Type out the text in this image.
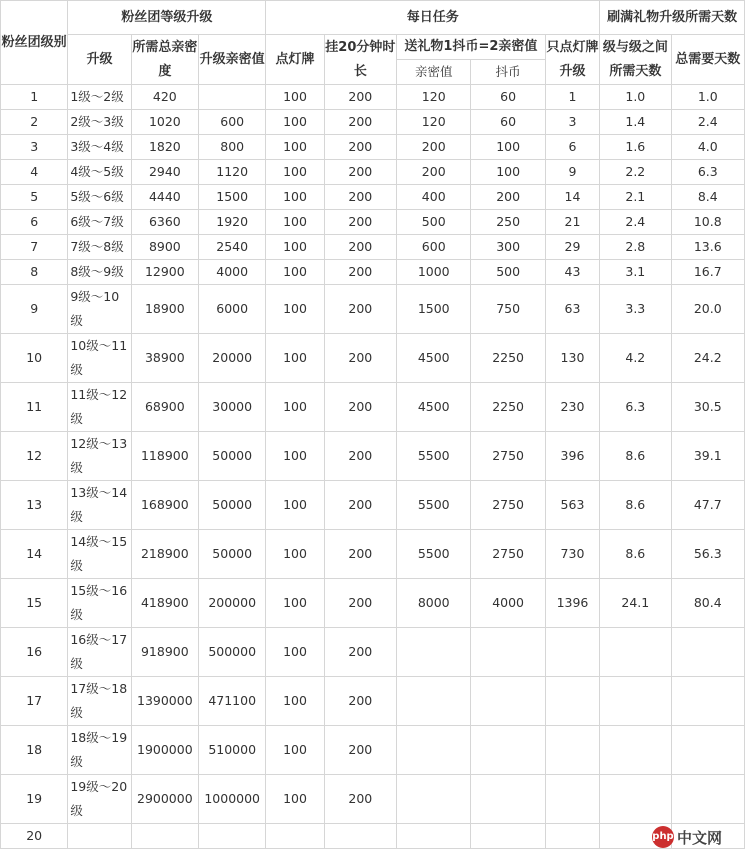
粉丝团级别	粉丝团等级升级			每日任务					刷满礼物升级所需天数	
	升级	所需总亲密度	升级亲密值	点灯牌	挂20分钟时长	送礼物1抖币=2亲密值		只点灯牌升级	级与级之间所需天数	总需要天数
						亲密值	抖币			
1	1级～2级	420		100	200	120	60	1	1.0	1.0
2	2级～3级	1020	600	100	200	120	60	3	1.4	2.4
3	3级～4级	1820	800	100	200	200	100	6	1.6	4.0
4	4级～5级	2940	1120	100	200	200	100	9	2.2	6.3
5	5级～6级	4440	1500	100	200	400	200	14	2.1	8.4
6	6级～7级	6360	1920	100	200	500	250	21	2.4	10.8
7	7级～8级	8900	2540	100	200	600	300	29	2.8	13.6
8	8级～9级	12900	4000	100	200	1000	500	43	3.1	16.7
9	9级～10级	18900	6000	100	200	1500	750	63	3.3	20.0
10	10级～11级	38900	20000	100	200	4500	2250	130	4.2	24.2
11	11级～12级	68900	30000	100	200	4500	2250	230	6.3	30.5
12	12级～13级	118900	50000	100	200	5500	2750	396	8.6	39.1
13	13级～14级	168900	50000	100	200	5500	2750	563	8.6	47.7
14	14级～15级	218900	50000	100	200	5500	2750	730	8.6	56.3
15	15级～16级	418900	200000	100	200	8000	4000	1396	24.1	80.4
16	16级～17级	918900	500000	100	200					
17	17级～18级	1390000	471100	100	200					
18	18级～19级	1900000	510000	100	200					
19	19级～20级	2900000	1000000	100	200					
20											php 中文网
